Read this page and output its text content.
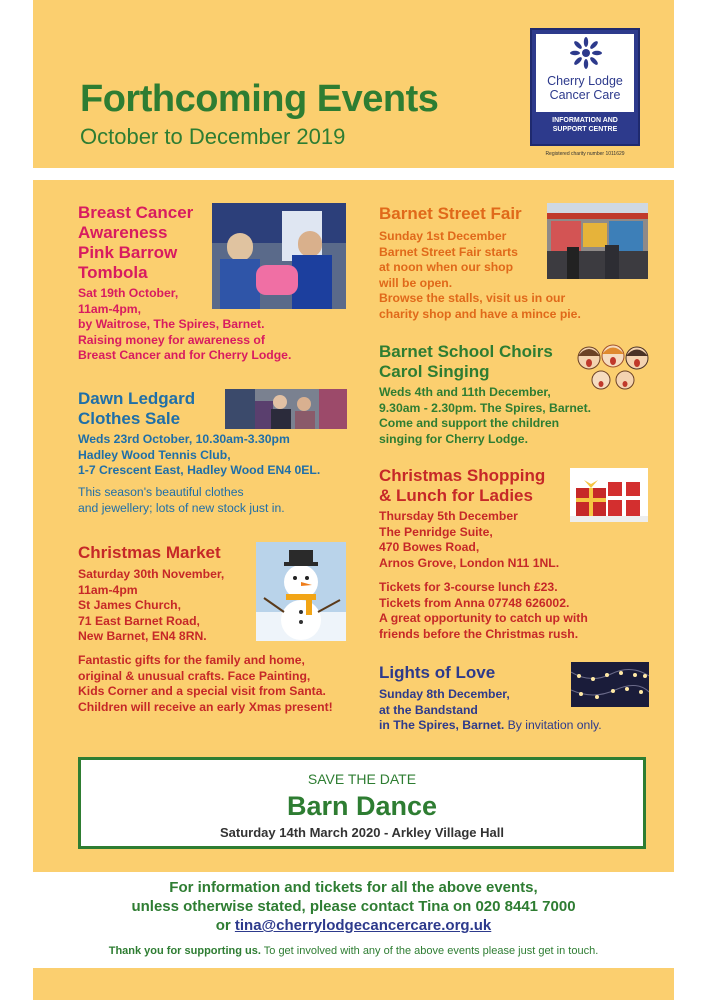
Forthcoming Events
October to December 2019
Cherry Lodge
Cancer Care
INFORMATION AND
SUPPORT CENTRE
Registered charity number 1011629
Breast Cancer
Awareness
Pink Barrow
Tombola
Sat 19th October,
11am-4pm,
by Waitrose, The Spires, Barnet.
Raising money for awareness of
Breast Cancer and for Cherry Lodge.
Dawn Ledgard
Clothes Sale
Weds 23rd October, 10.30am-3.30pm
Hadley Wood Tennis Club,
1-7 Crescent East, Hadley Wood EN4 0EL.
This season's beautiful clothes
and jewellery; lots of new stock just in.
Christmas Market
Saturday 30th November,
11am-4pm
St James Church,
71 East Barnet Road,
New Barnet, EN4 8RN.
Fantastic gifts for the family and home,
original & unusual crafts. Face Painting,
Kids Corner and a special visit from Santa.
Children will receive an early Xmas present!
Barnet Street Fair
Sunday 1st December
Barnet Street Fair starts
at noon when our shop
will be open.
Browse the stalls, visit us in our
charity shop and have a mince pie.
Barnet School Choirs
Carol Singing
Weds 4th and 11th December,
9.30am - 2.30pm. The Spires, Barnet.
Come and support the children
singing for Cherry Lodge.
Christmas Shopping
& Lunch for Ladies
Thursday 5th December
The Penridge Suite,
470 Bowes Road,
Arnos Grove, London N11 1NL.
Tickets for 3-course lunch £23.
Tickets from Anna 07748 626002.
A great opportunity to catch up with
friends before the Christmas rush.
Lights of Love
Sunday 8th December,
at the Bandstand
in The Spires, Barnet. By invitation only.
SAVE THE DATE
Barn Dance
Saturday 14th March 2020 - Arkley Village Hall
For information and tickets for all the above events,
unless otherwise stated, please contact Tina on 020 8441 7000
or tina@cherrylodgecancercare.org.uk
Thank you for supporting us. To get involved with any of the above events please just get in touch.
